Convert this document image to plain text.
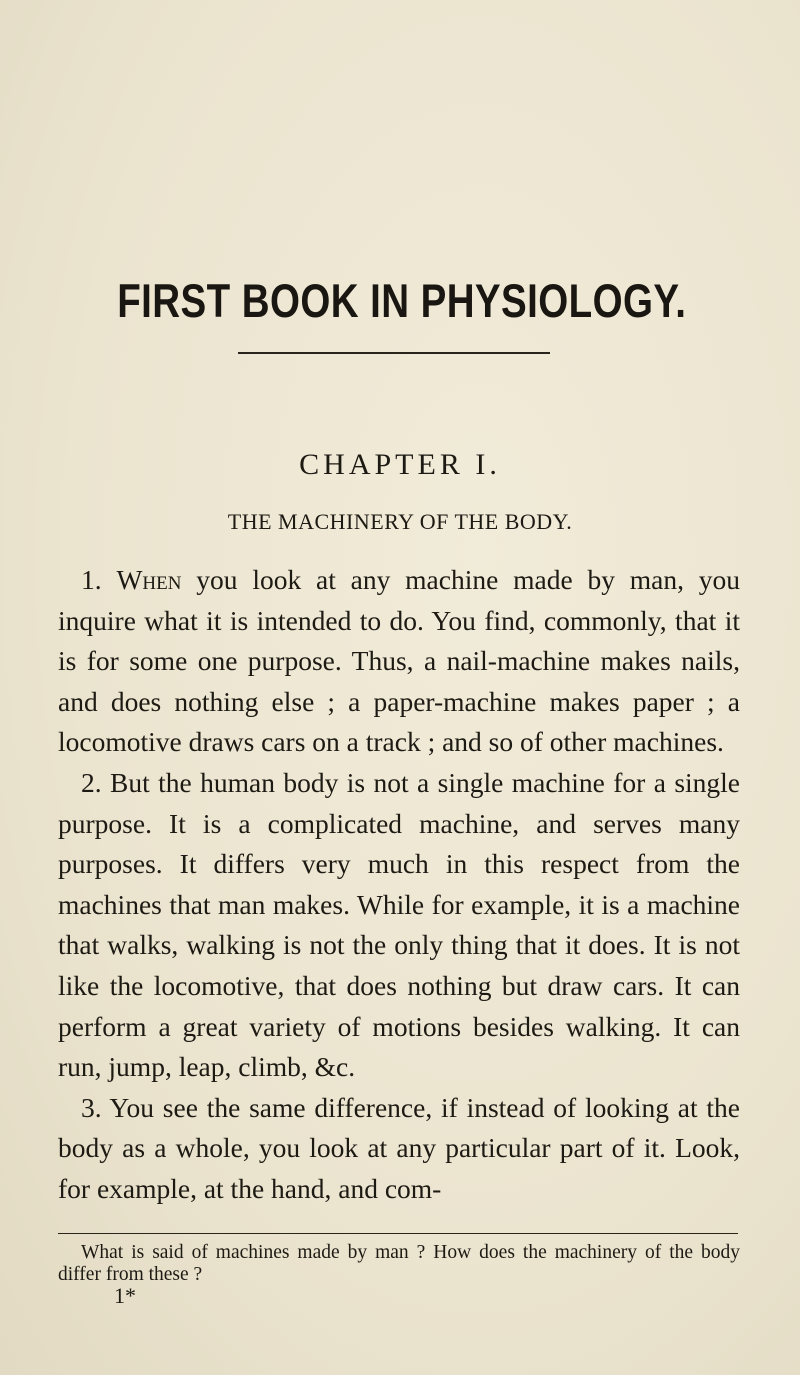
FIRST BOOK IN PHYSIOLOGY.
CHAPTER I.
THE MACHINERY OF THE BODY.

1. When you look at any machine made by man, you inquire what it is intended to do. You find, commonly, that it is for some one purpose. Thus, a nail-machine makes nails, and does nothing else ; a paper-machine makes paper ; a locomotive draws cars on a track ; and so of other machines.

2. But the human body is not a single machine for a single purpose. It is a complicated machine, and serves many purposes. It differs very much in this respect from the machines that man makes. While for example, it is a machine that walks, walking is not the only thing that it does. It is not like the locomotive, that does nothing but draw cars. It can perform a great variety of motions besides walking. It can run, jump, leap, climb, &c.

3. You see the same difference, if instead of looking at the body as a whole, you look at any particular part of it. Look, for example, at the hand, and com-

What is said of machines made by man ? How does the machinery of the body differ from these ?

1*
